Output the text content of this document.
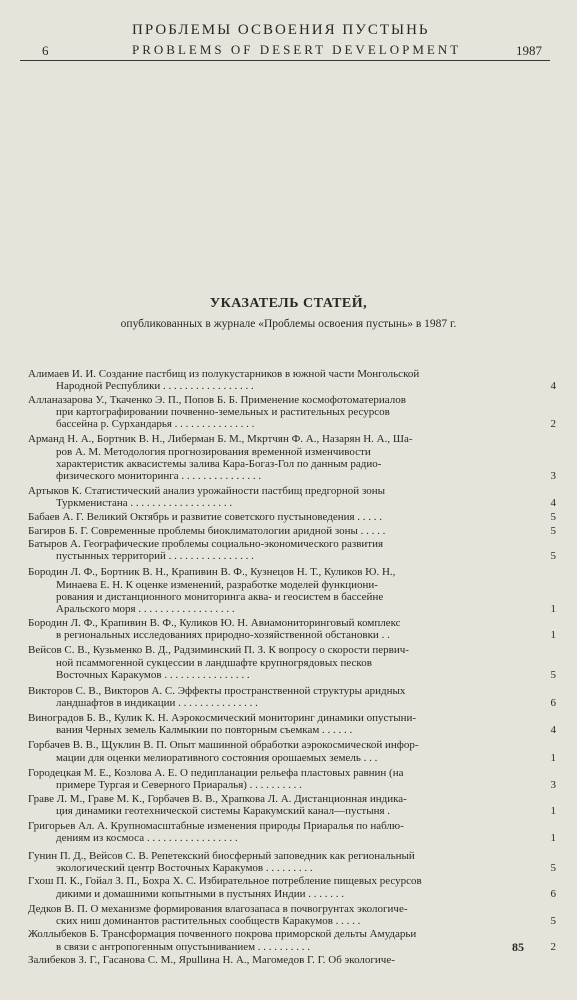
ПРОБЛЕМЫ ОСВОЕНИЯ ПУСТЫНЬ
6	PROBLEMS OF DESERT DEVELOPMENT	1987
УКАЗАТЕЛЬ СТАТЕЙ,
опубликованных в журнале «Проблемы освоения пустынь» в 1987 г.
Алимаев И. И. Создание пастбищ из полукустарников в южной части Монгольской
Народной Республики . . . . . . . . . . . . . . . . .	4
Алланазарова У., Ткаченко Э. П., Попов Б. Б. Применение космофотоматериалов
при картографировании почвенно-земельных и растительных ресурсов
бассейна р. Сурхандарья . . . . . . . . . . . . . . .	2
Арманд Н. А., Бортник В. Н., Либерман Б. М., Мкртчян Ф. А., Назарян Н. А., Ша-
ров А. М. Методология прогнозирования временной изменчивости
характеристик аквасистемы залива Кара-Богаз-Гол по данным радио-
физического мониторинга . . . . . . . . . . . . . . .	3
Артыков К. Статистический анализ урожайности пастбищ предгорной зоны
Туркменистана . . . . . . . . . . . . . . . . . . .	4
Бабаев А. Г. Великий Октябрь и развитие советского пустыноведения . . . . .	5
Багиров Б. Г. Современные проблемы биоклиматологии аридной зоны . . . . .	5
Батыров А. Географические проблемы социально-экономического развития
пустынных территорий . . . . . . . . . . . . . . . .	5
Бородин Л. Ф., Бортник В. Н., Крапивин В. Ф., Кузнецов Н. Т., Куликов Ю. Н.,
Минаева Е. Н. К оценке изменений, разработке моделей функциони-
рования и дистанционного мониторинга аква- и геосистем в бассейне
Аральского моря . . . . . . . . . . . . . . . . . .	1
Бородин Л. Ф., Крапивин В. Ф., Куликов Ю. Н. Авиамониторинговый комплекс
в региональных исследованиях природно-хозяйственной обстановки . .	1
Вейсов С. В., Кузьменко В. Д., Радзиминский П. З. К вопросу о скорости первич-
ной псаммогенной сукцессии в ландшафте крупногрядовых песков
Восточных Каракумов . . . . . . . . . . . . . . . .	5
Викторов С. В., Викторов А. С. Эффекты пространственной структуры аридных
ландшафтов в индикации . . . . . . . . . . . . . . .	6
Виноградов Б. В., Кулик К. Н. Аэрокосмический мониторинг динамики опустыни-
вания Черных земель Калмыкии по повторным съемкам . . . . . .	4
Горбачев В. В., Щуклин В. П. Опыт машинной обработки аэрокосмической инфор-
мации для оценки мелиоративного состояния орошаемых земель . . .	1
Городецкая М. Е., Козлова А. Е. О педипланации рельефа пластовых равнин (на
примере Тургая и Северного Приаралья) . . . . . . . . . .	3
Граве Л. М., Граве М. К., Горбачев В. В., Храпкова Л. А. Дистанционная индика-
ция динамики геотехнической системы Каракумский канал—пустыня .	1
Григорьев Ал. А. Крупномасштабные изменения природы Приаралья по наблю-
дениям из космоса . . . . . . . . . . . . . . . . .	1
Гунин П. Д., Вейсов С. В. Репетекский биосферный заповедник как региональный
экологический центр Восточных Каракумов . . . . . . . . .	5
Гхош П. К., Гойал З. П., Бохра Х. С. Избирательное потребление пищевых ресурсов
дикими и домашними копытными в пустынях Индии . . . . . . .	6
Дедков В. П. О механизме формирования влагозапаса в почвогрунтах экологиче-
ских ниш доминантов растительных сообществ Каракумов . . . . .	5
Жоллыбеков Б. Трансформация почвенного покрова приморской дельты Амударьи
в связи с антропогенным опустыниванием . . . . . . . . . .	2
Залибеков З. Г., Гасанова С. М., Ярullина Н. А., Магомедов Г. Г. Об экологиче-
85
